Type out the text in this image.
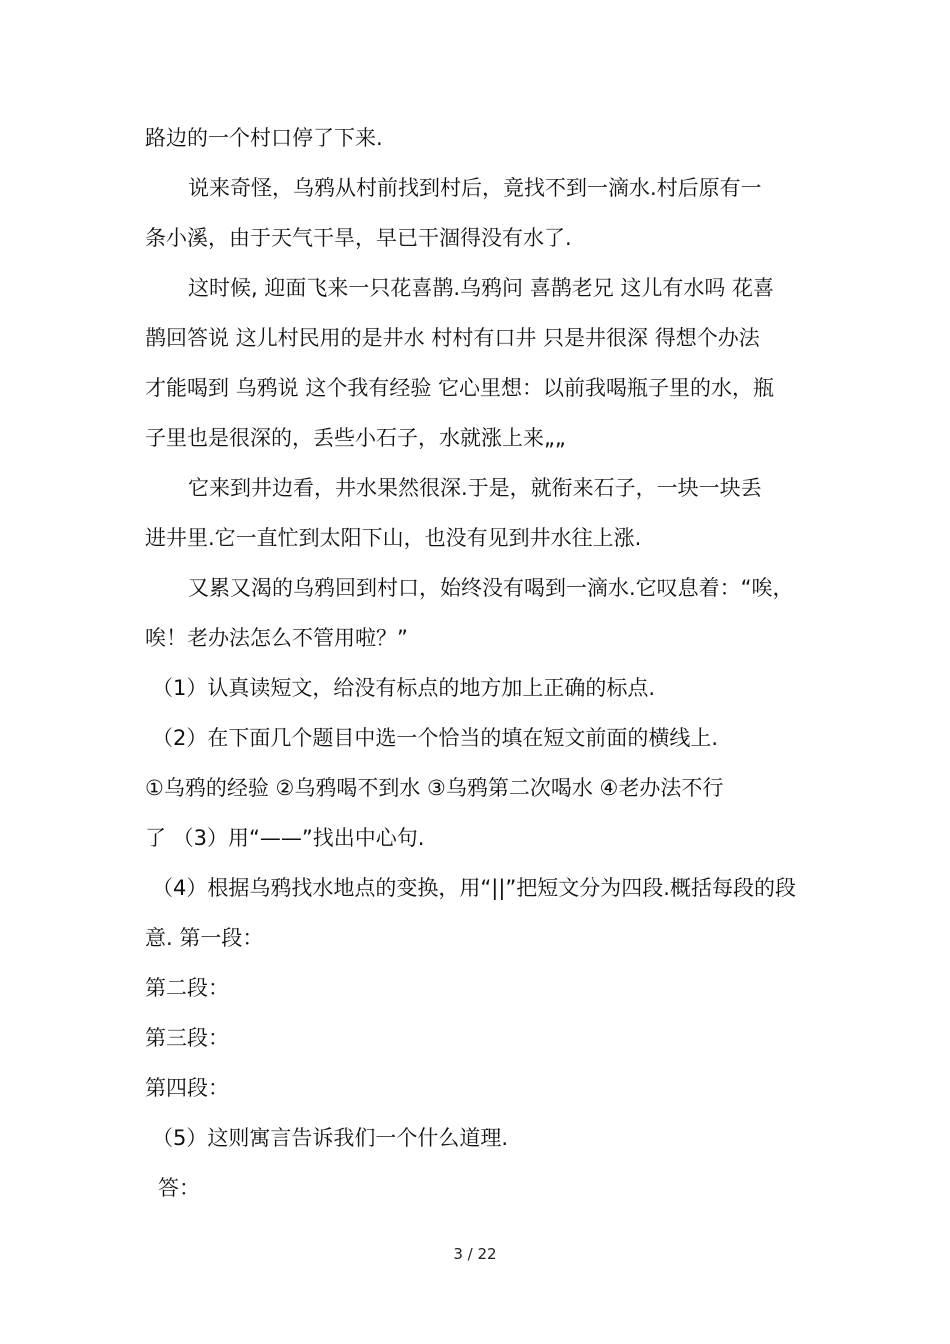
路边的一个村口停了下来.
说来奇怪，乌鸦从村前找到村后，竟找不到一滴水.村后原有一
条小溪，由于天气干旱，早已干涸得没有水了.
这时候, 迎面飞来一只花喜鹊.乌鸦问 喜鹊老兄 这儿有水吗 花喜
鹊回答说 这儿村民用的是井水 村村有口井 只是井很深 得想个办法
才能喝到 乌鸦说 这个我有经验 它心里想：以前我喝瓶子里的水，瓶
子里也是很深的，丢些小石子，水就涨上来„„
它来到井边看，井水果然很深.于是，就衔来石子，一块一块丢
进井里.它一直忙到太阳下山，也没有见到井水往上涨.
又累又渴的乌鸦回到村口，始终没有喝到一滴水.它叹息着：“唉，
唉！老办法怎么不管用啦？”
（1）认真读短文，给没有标点的地方加上正确的标点.
（2）在下面几个题目中选一个恰当的填在短文前面的横线上.
①乌鸦的经验 ②乌鸦喝不到水 ③乌鸦第二次喝水 ④老办法不行
了 （3）用“——”找出中心句.
（4）根据乌鸦找水地点的变换，用“||”把短文分为四段.概括每段的段
意. 第一段：
第二段：
第三段：
第四段：
（5）这则寓言告诉我们一个什么道理.
答：
3 / 22
